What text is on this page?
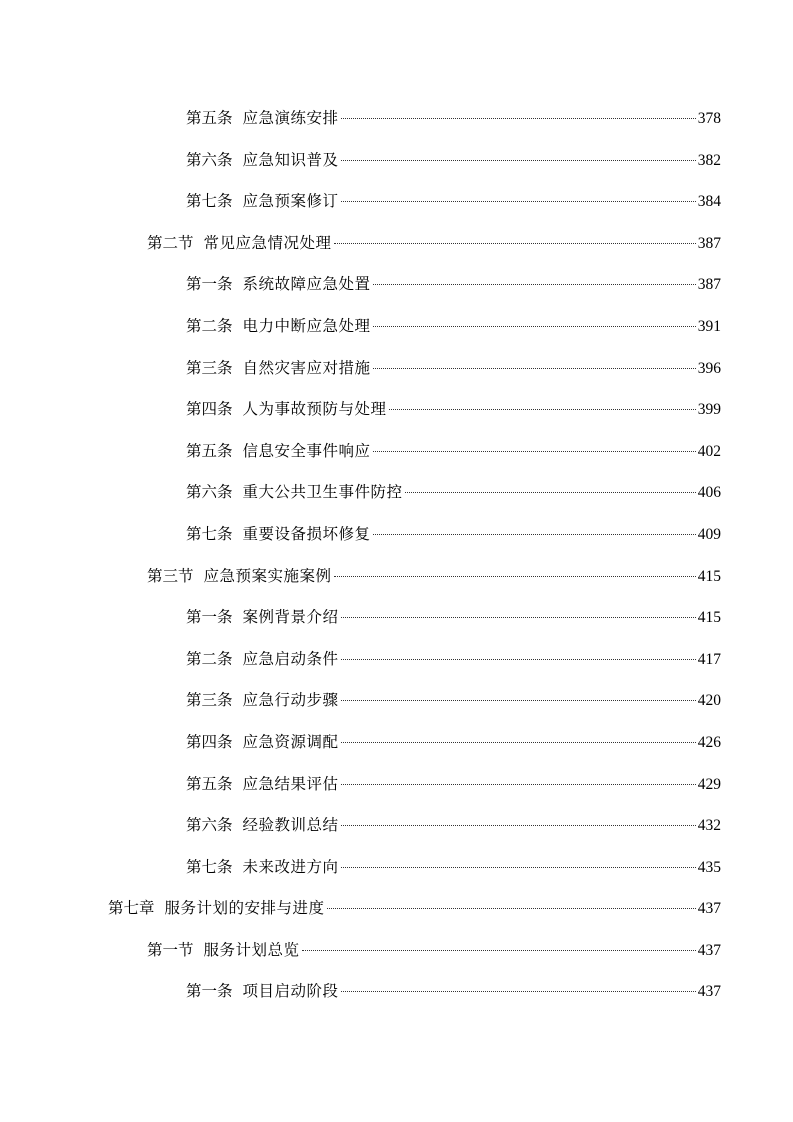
第五条 应急演练安排	378
第六条 应急知识普及	382
第七条 应急预案修订	384
第二节 常见应急情况处理	387
第一条 系统故障应急处置	387
第二条 电力中断应急处理	391
第三条 自然灾害应对措施	396
第四条 人为事故预防与处理	399
第五条 信息安全事件响应	402
第六条 重大公共卫生事件防控	406
第七条 重要设备损坏修复	409
第三节 应急预案实施案例	415
第一条 案例背景介绍	415
第二条 应急启动条件	417
第三条 应急行动步骤	420
第四条 应急资源调配	426
第五条 应急结果评估	429
第六条 经验教训总结	432
第七条 未来改进方向	435
第七章 服务计划的安排与进度	437
第一节 服务计划总览	437
第一条 项目启动阶段	437
